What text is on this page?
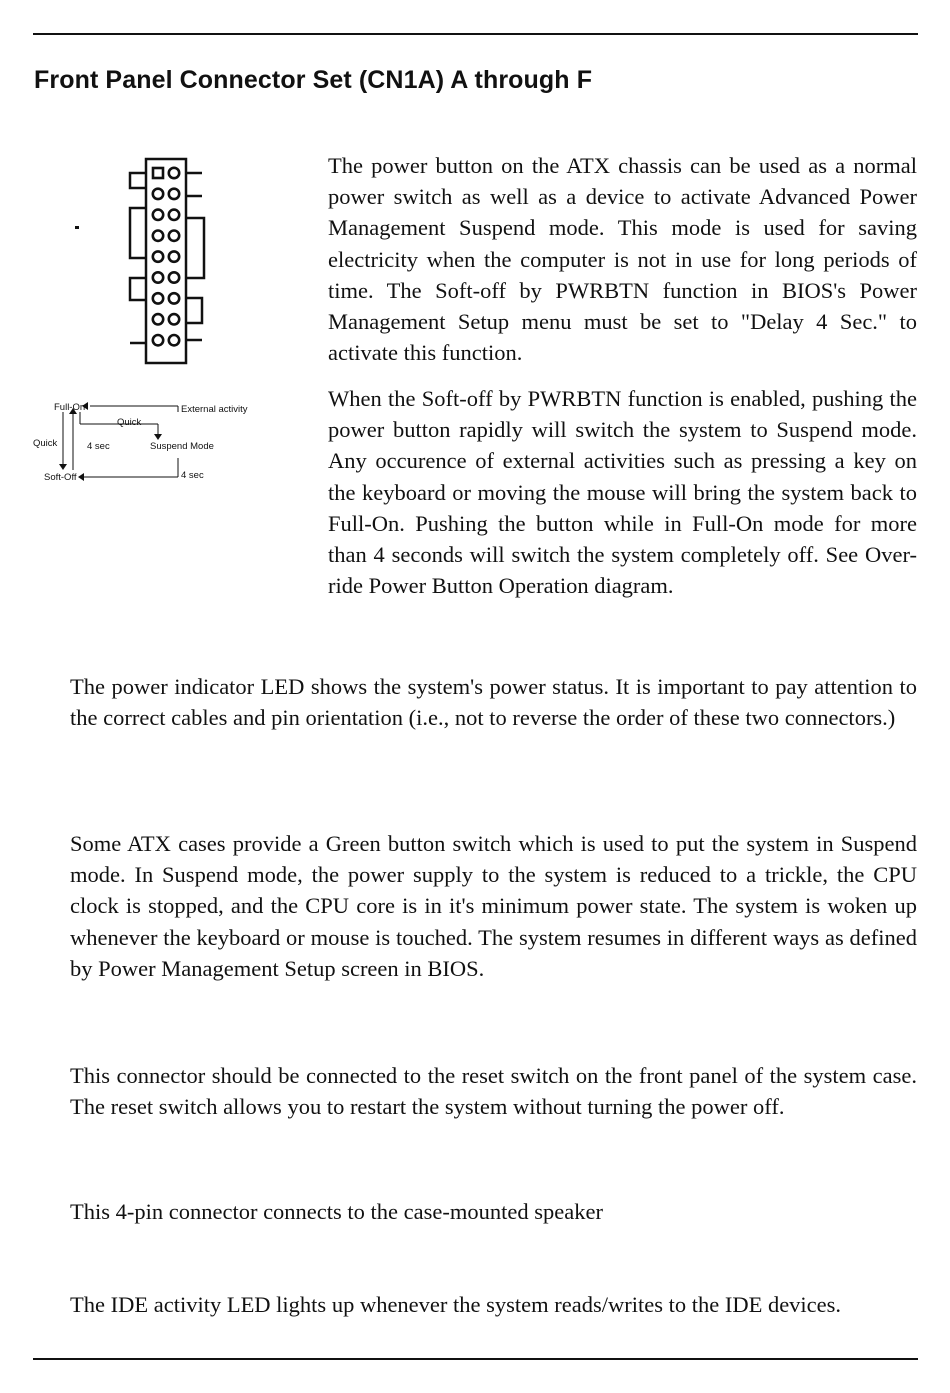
Front Panel Connector Set (CN1A) A through F
Full-On
Quick
External activity
Quick	4 sec	Suspend Mode
Soft-Off	4 sec

The power button on the ATX chassis can be used as a normal power switch as well as a device to activate Advanced Power Management Suspend mode. This mode is used for saving electricity when the computer is not in use for long periods of time. The Soft-off by PWRBTN function in BIOS's Power Management Setup menu must be set to "Delay 4 Sec." to activate this function.

When the Soft-off by PWRBTN function is enabled, pushing the power button rapidly will switch the system to Suspend mode. Any occurence of external activities such as pressing a key on the keyboard or moving the mouse will bring the system back to Full-On. Pushing the button while in Full-On mode for more than 4 seconds will switch the system completely off. See Over-ride Power Button Operation diagram.

The power indicator LED shows the system's power status. It is important to pay attention to the correct cables and pin orientation (i.e., not to reverse the order of these two connectors.)

Some ATX cases provide a Green button switch which is used to put the system in Suspend mode. In Suspend mode, the power supply to the system is reduced to a trickle, the CPU clock is stopped, and the CPU core is in it's minimum power state. The system is woken up whenever the keyboard or mouse is touched. The system resumes in different ways as defined by Power Management Setup screen in BIOS.

This connector should be connected to the reset switch on the front panel of the system case. The reset switch allows you to restart the system without turning the power off.

This 4-pin connector connects to the case-mounted speaker

The IDE activity LED lights up whenever the system reads/writes to the IDE devices.
